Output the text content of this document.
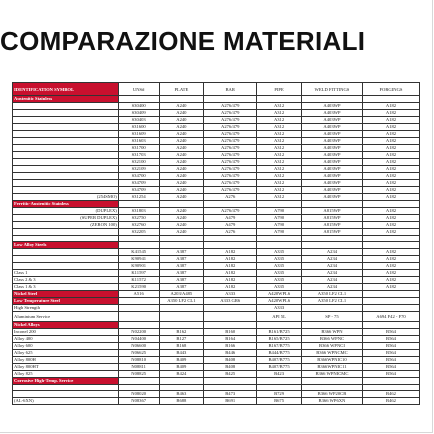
COMPARAZIONE MATERIALI
IDENTIFICATION SYMBOL	UNS#	PLATE	BAR	PIPE	WELD FITTINGS	FORGINGS
Austenitic Stainless						
	S30400	A240	A276/479	A312	A403WP	A182
	S30409	A240	A276/479	A312	A403WP	A182
	S30403	A240	A276/479	A312	A403WP	A182
	S31600	A240	A276/479	A312	A403WP	A182
	S31609	A240	A276/479	A312	A403WP	A182
	S31603	A240	A276/479	A312	A403WP	A182
	S31700	A240	A276/479	A312	A403WP	A182
	S31703	A240	A276/479	A312	A403WP	A182
	S32100	A240	A276/479	A312	A403WP	A182
	S32109	A240	A276/479	A312	A403WP	A182
	S34700	A240	A276/479	A312	A403WP	A182
	S34709	A240	A276/479	A312	A403WP	A182
	S34709	A240	A276/479	A312	A403WP	A182
(254SMO)	S31254	A240	A276	A312	A403WP	A182
Ferritic-Austenitic Stainless						
(DUPLEX)	S31803	A240	A276/479	A790	A815WP	A182
(SUPER DUPLEX)	S32750	A240	A479	A790	A815WP	A182
(ZERON 100)	S32760	A240	A479	A790	A815WP	A182
	S32205	A240	A276	A790	A815WP	A182

Low Alloy Steels						
	K41545	A387	A182	A335	A234	A182
	K90941	A387	A182	A335	A234	A182
	K90901	A387	A182	A335	A234	A182
Class 1	K11597	A387	A182	A335	A234	A182
Class 2 & 3	K11572	A387	A182	A335	A234	A182
Class 1 & 3	K21590	A387	A182	A335	A234	A182
Nickel Steel	A516	A203/A485	A333	A420WPL6	A350 LF2 CL1	
Low Temperature Steel		A350 LF2 CL1	A333 GR6	A420WPL6	A350 LF2 CL1	
High Strength				A333		
Aluminium Service				API 5L	SP - 75	A694 F42 - F70
Nickel Alloys						
Inconel 200	N02200	B162	B160	B161/B725	B366 WPN	B564
Alloy 400	N04400	B127	B164	B165/B725	B366 WPNC	B564
Alloy 600	N06600	B168	B166	B167/B775	B366 WPNCI	B564
Alloy 625	N06625	B443	B446	B444/B775	B366 WPNCMC	B564
Alloy 800H	N08810	B409	B408	B407/B775	B366WPNIC10	B564
Alloy 800HT	N08811	B409	B408	B407/B775	B366WPNIC11	B564
Alloy 825	N08825	B424	B425	B423	B366 WPNICMC	B564
Corrosive High-Temp. Service						

	N08020	B463	B473	B729	B366 WP20CB	B462
(AL-6XN)	N08367	B688	B691	B675	B366 WP6XN	B462
